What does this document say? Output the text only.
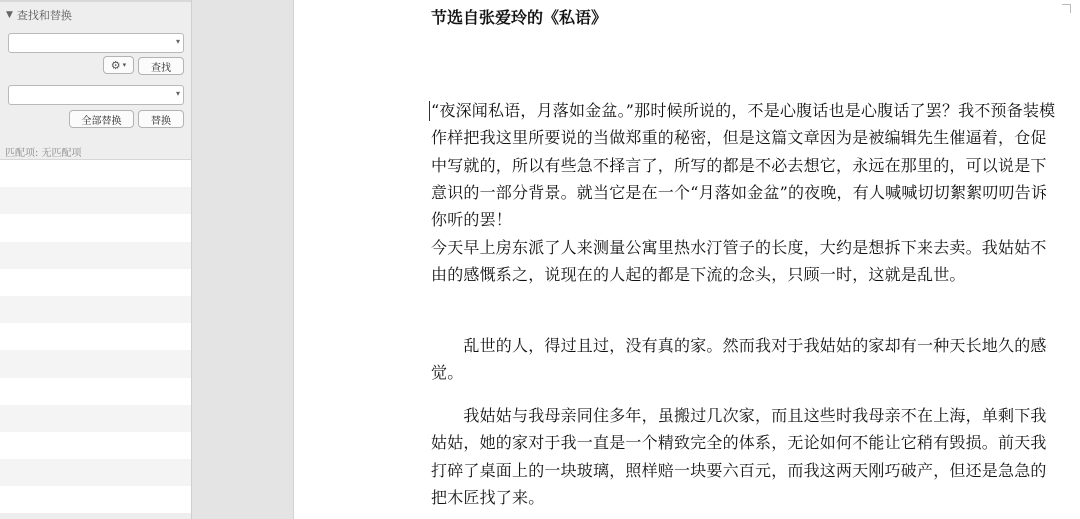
▼ 查找和替换
▾
⚙ ▾	查找
▾
全部替换	替换
匹配项: 无匹配项
节选自张爱玲的《私语》

“夜深闻私语，月落如金盆。”那时候所说的，不是心腹话也是心腹话了罢？我不预备装模作样把我这里所要说的当做郑重的秘密，但是这篇文章因为是被编辑先生催逼着，仓促中写就的，所以有些急不择言了，所写的都是不必去想它，永远在那里的，可以说是下意识的一部分背景。就当它是在一个“月落如金盆”的夜晚，有人喊喊切切絮絮叨叨告诉你听的罢！

今天早上房东派了人来测量公寓里热水汀管子的长度，大约是想拆下来去卖。我姑姑不由的感慨系之，说现在的人起的都是下流的念头，只顾一时，这就是乱世。

　　乱世的人，得过且过，没有真的家。然而我对于我姑姑的家却有一种天长地久的感觉。

　　我姑姑与我母亲同住多年，虽搬过几次家，而且这些时我母亲不在上海，单剩下我姑姑，她的家对于我一直是一个精致完全的体系，无论如何不能让它稍有毁损。前天我打碎了桌面上的一块玻璃，照样赔一块要六百元，而我这两天刚巧破产，但还是急急的把木匠找了来。
